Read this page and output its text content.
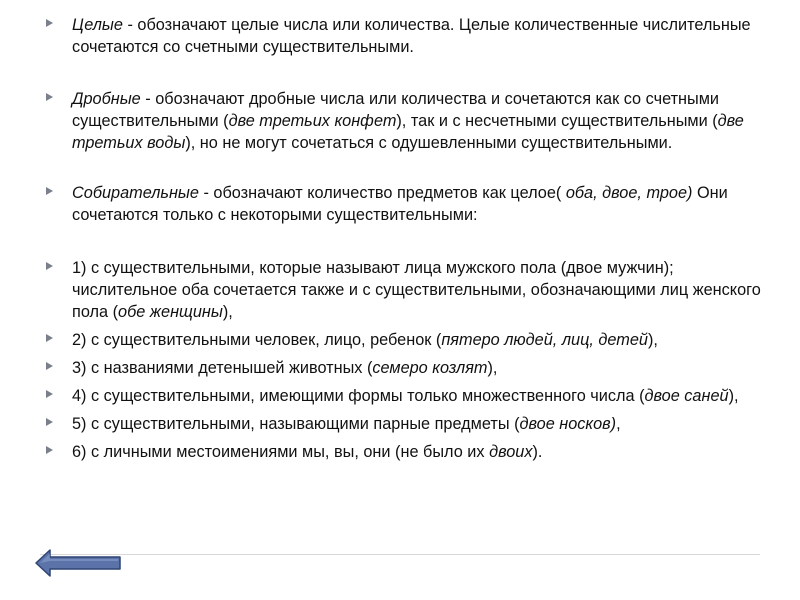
Целые - обозначают целые числа или количества. Целые количественные числительные сочетаются со счетными существительными.
Дробные - обозначают дробные числа или количества и сочетаются как со счетными существительными (две третьих конфет), так и с несчетными существительными (две третьих воды), но не могут сочетаться с одушевленными существительными.
Собирательные - обозначают количество предметов как целое( оба, двое, трое) Они сочетаются только с некоторыми существительными:
1) с существительными, которые называют лица мужского пола (двое мужчин); числительное оба сочетается также и с существительными, обозначающими лиц женского пола (обе женщины),
2) с существительными человек, лицо, ребенок (пятеро людей, лиц, детей),
3) с названиями детенышей животных (семеро козлят),
4) с существительными, имеющими формы только множественного числа (двое саней),
5) с существительными, называющими парные предметы (двое носков),
6) с личными местоимениями мы, вы, они (не было их двоих).
